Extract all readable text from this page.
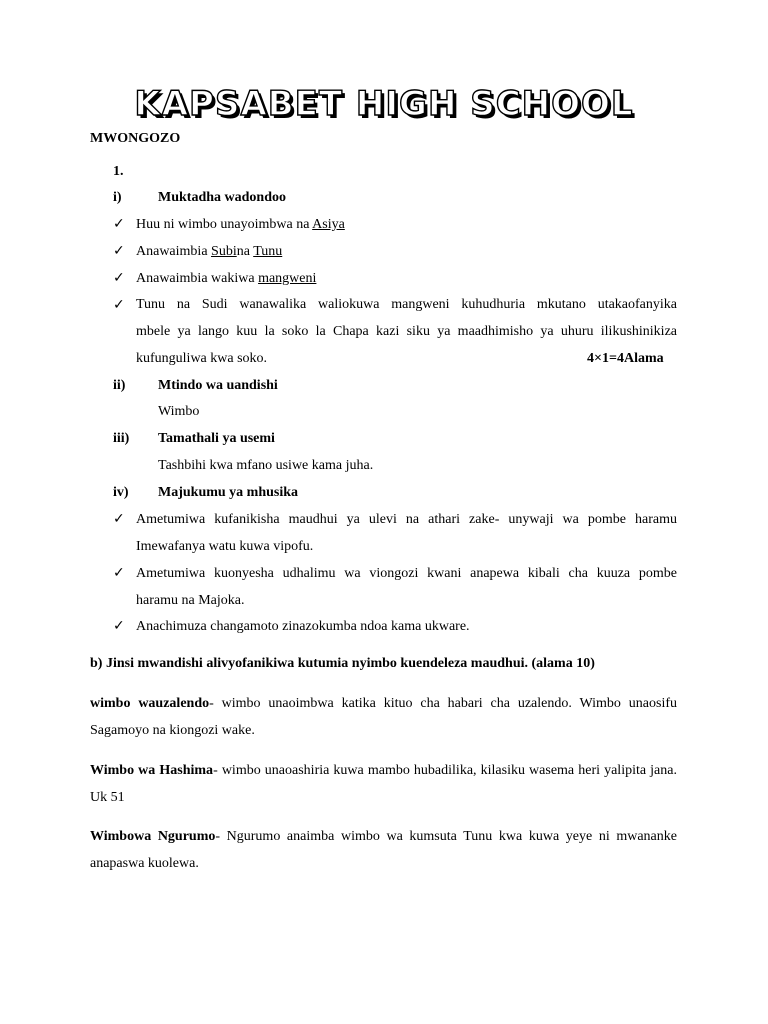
KAPSABET HIGH SCHOOL
MWONGOZO
1.
i)	Muktadha wadondoo
✓ Huu ni wimbo unayoimbwa na Asiya
✓ Anawaimbia Subina Tunu
✓ Anawaimbia wakiwa mangweni
✓ Tunu na Sudi wanawalika waliokuwa mangweni kuhudhuria mkutano utakaofanyika
mbele ya lango kuu la soko la Chapa kazi siku ya maadhimisho ya uhuru ilikushinikiza
kufunguliwa kwa soko.	4×1=4Alama
ii) Mtindo wa uandishi
Wimbo
iii) Tamathali ya usemi
Tashbihi kwa mfano usiwe kama juha.
iv) Majukumu ya mhusika
✓ Ametumiwa kufanikisha maudhui ya ulevi na athari zake- unywaji wa pombe haramu
Imewafanya watu kuwa vipofu.
✓ Ametumiwa kuonyesha udhalimu wa viongozi kwani anapewa kibali cha kuuza pombe
haramu na Majoka.
✓ Anachimuza changamoto zinazokumba ndoa kama ukware.
b) Jinsi mwandishi alivyofanikiwa kutumia nyimbo kuendeleza maudhui. (alama 10)
wimbo wauzalendo- wimbo unaoimbwa katika kituo cha habari cha uzalendo. Wimbo unaosifu Sagamoyo na kiongozi wake.
Wimbo wa Hashima- wimbo unaoashiria kuwa mambo hubadilika, kilasiku wasema heri yalipita jana. Uk 51
Wimbowa Ngurumo- Ngurumo anaimba wimbo wa kumsuta Tunu kwa kuwa yeye ni mwananke anapaswa kuolewa.
